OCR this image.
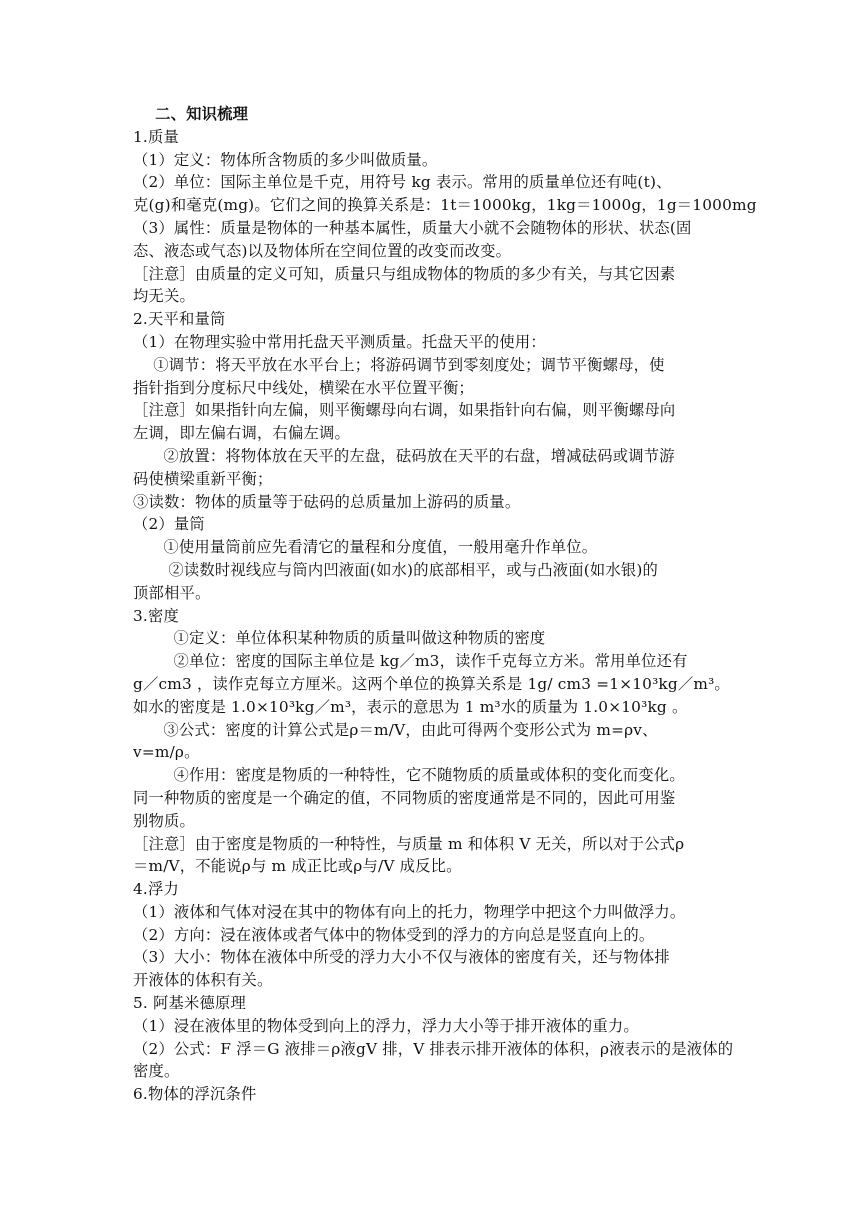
二、知识梳理
1.质量
（1）定义：物体所含物质的多少叫做质量。
（2）单位：国际主单位是千克，用符号 kg 表示。常用的质量单位还有吨(t)、
克(g)和毫克(mg)。它们之间的换算关系是：1t＝1000kg，1kg＝1000g，1g＝1000mg
（3）属性：质量是物体的一种基本属性，质量大小就不会随物体的形状、状态(固
态、液态或气态)以及物体所在空间位置的改变而改变。
［注意］由质量的定义可知，质量只与组成物体的物质的多少有关，与其它因素
均无关。
2.天平和量筒
（1）在物理实验中常用托盘天平测质量。托盘天平的使用：
①调节：将天平放在水平台上；将游码调节到零刻度处；调节平衡螺母，使
指针指到分度标尺中线处，横梁在水平位置平衡；
［注意］如果指针向左偏，则平衡螺母向右调，如果指针向右偏，则平衡螺母向
左调，即左偏右调，右偏左调。
②放置：将物体放在天平的左盘，砝码放在天平的右盘，增减砝码或调节游
码使横梁重新平衡；
③读数：物体的质量等于砝码的总质量加上游码的质量。
（2）量筒
①使用量筒前应先看清它的量程和分度值，一般用毫升作单位。
②读数时视线应与筒内凹液面(如水)的底部相平，或与凸液面(如水银)的
顶部相平。
3.密度
①定义：单位体积某种物质的质量叫做这种物质的密度
②单位：密度的国际主单位是 kg／m3，读作千克每立方米。常用单位还有
g／cm3 ，读作克每立方厘米。这两个单位的换算关系是 1g/ cm3 =1×10³kg／m³。
如水的密度是 1.0×10³kg／m³，表示的意思为 1 m³水的质量为 1.0×10³kg 。
③公式：密度的计算公式是ρ＝m/V，由此可得两个变形公式为 m=ρv、
v=m/ρ。
④作用：密度是物质的一种特性，它不随物质的质量或体积的变化而变化。
同一种物质的密度是一个确定的值，不同物质的密度通常是不同的，因此可用鉴
别物质。
［注意］由于密度是物质的一种特性，与质量 m 和体积 V 无关，所以对于公式ρ
＝m/V，不能说ρ与 m 成正比或ρ与/V 成反比。
4.浮力
（1）液体和气体对浸在其中的物体有向上的托力，物理学中把这个力叫做浮力。
（2）方向：浸在液体或者气体中的物体受到的浮力的方向总是竖直向上的。
（3）大小：物体在液体中所受的浮力大小不仅与液体的密度有关，还与物体排
开液体的体积有关。
5. 阿基米德原理
（1）浸在液体里的物体受到向上的浮力，浮力大小等于排开液体的重力。
（2）公式：F 浮＝G 液排＝ρ液gV 排，V 排表示排开液体的体积，ρ液表示的是液体的
密度。
6.物体的浮沉条件
